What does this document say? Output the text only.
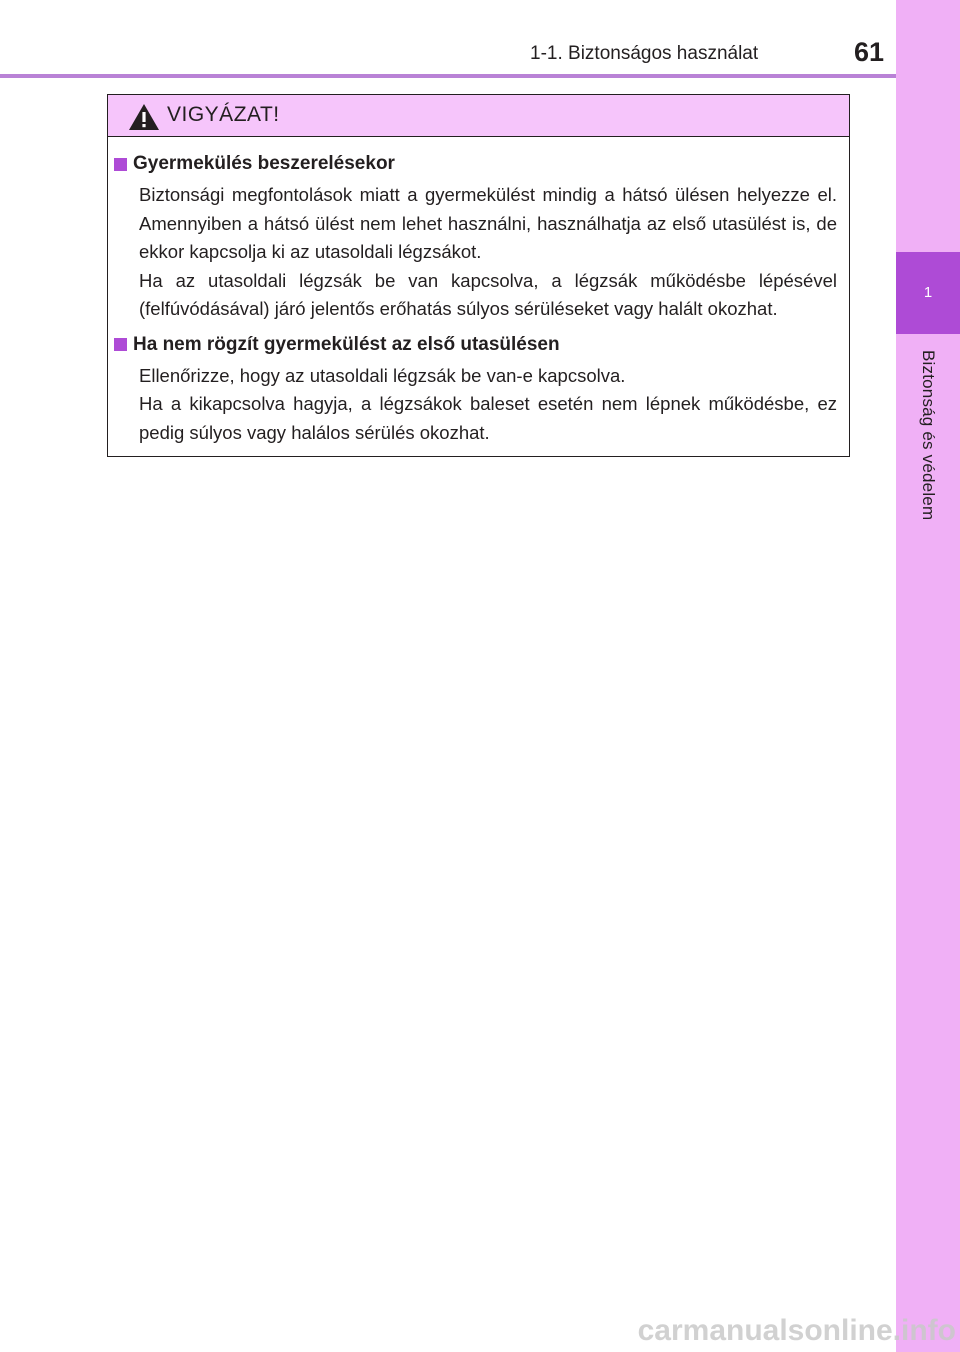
1-1. Biztonságos használat	61
1
Biztonság és védelem
VIGYÁZAT!
Gyermekülés beszerelésekor

Biztonsági megfontolások miatt a gyermekülést mindig a hátsó ülésen helyezze el. Amennyiben a hátsó ülést nem lehet használni, használhatja az első utasülést is, de ekkor kapcsolja ki az utasoldali légzsákot.

Ha az utasoldali légzsák be van kapcsolva, a légzsák működésbe lépésével (felfúvódásával) járó jelentős erőhatás súlyos sérüléseket vagy halált okozhat.

Ha nem rögzít gyermekülést az első utasülésen

Ellenőrizze, hogy az utasoldali légzsák be van-e kapcsolva.

Ha a kikapcsolva hagyja, a légzsákok baleset esetén nem lépnek működésbe, ez pedig súlyos vagy halálos sérülés okozhat.

carmanualsonline.info
